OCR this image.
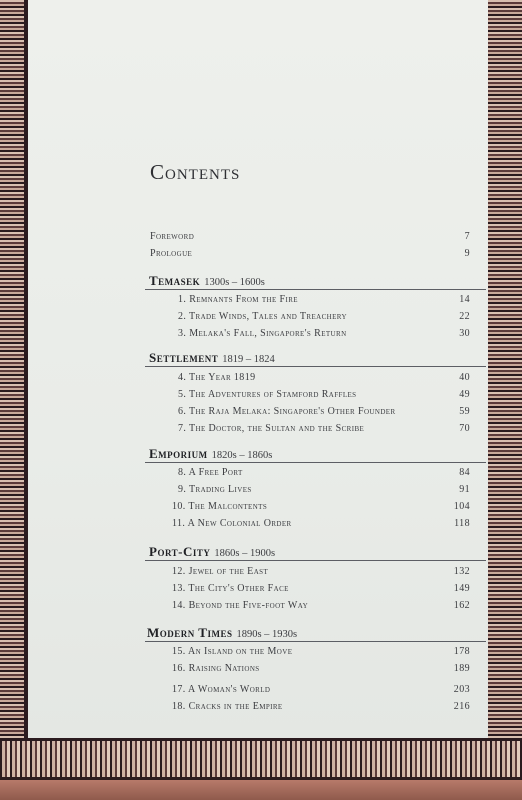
Contents
Foreword	7
Prologue	9
Temasek 1300s – 1600s
1. Remnants From the Fire	14
2. Trade Winds, Tales and Treachery	22
3. Melaka's Fall, Singapore's Return	30
Settlement 1819 – 1824
4. The Year 1819	40
5. The Adventures of Stamford Raffles	49
6. The Raja Melaka: Singapore's Other Founder	59
7. The Doctor, the Sultan and the Scribe	70
Emporium 1820s – 1860s
8. A Free Port	84
9. Trading Lives	91
10. The Malcontents	104
11. A New Colonial Order	118
Port-City 1860s – 1900s
12. Jewel of the East	132
13. The City's Other Face	149
14. Beyond the Five-foot Way	162
Modern Times 1890s – 1930s
15. An Island on the Move	178
16. Raising Nations	189
17. A Woman's World	203
18. Cracks in the Empire	216
